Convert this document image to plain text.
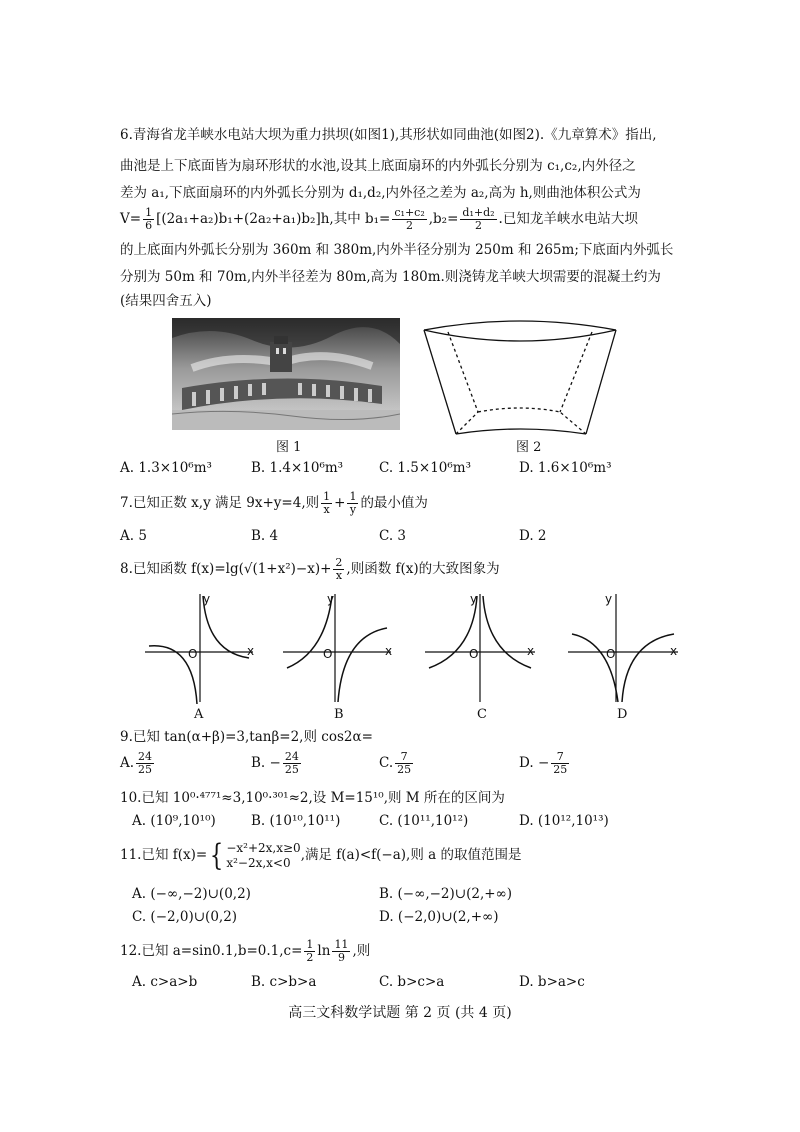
6.青海省龙羊峡水电站大坝为重力拱坝(如图1),其形状如同曲池(如图2).《九章算术》指出,
曲池是上下底面皆为扇环形状的水池,设其上底面扇环的内外弧长分别为 c₁,c₂,内外径之
差为 a₁,下底面扇环的内外弧长分别为 d₁,d₂,内外径之差为 a₂,高为 h,则曲池体积公式为
$V= \frac{1}{6} [(2a_1+a_2)b_1+(2a_2+a_1)b_2]h$,其中 $b_1= \frac{\text{c₁+c₂}}{2} ,b_2= \frac{\text{d₁+d₂}}{2}$ .已知龙羊峡水电站大坝
的上底面内外弧长分别为 360m 和 380m,内外半径分别为 250m 和 265m;下底面内外弧长
分别为 50m 和 70m,内外半径差为 80m,高为 180m.则浇铸龙羊峡大坝需要的混凝土约为
(结果四舍五入)
图 1	图 2
A. 1.3×10⁶m³	B. 1.4×10⁶m³	C. 1.5×10⁶m³	D. 1.6×10⁶m³
7.已知正数 x,y 满足 9x+y=4,则 $\frac{1}{x} + \frac{1}{y}$ 的最小值为
A. 5	B. 4	C. 3	D. 2
8.已知函数 $f(x)=\lg(√(1+x^2)-x)+ \frac{2}{x}$ ,则函数 f(x)的大致图象为
y
x
O
A
y
x
O
B
y
x
O
C
y
x
O
D
9.已知 tan(α+β)=3,tanβ=2,则 cos2α=
A. $\frac{24}{25}$	B. − $\frac{24}{25}$	C. $\frac{7}{25}$	D. − $\frac{7}{25}$
10.已知 10⁰·⁴⁷⁷¹≈3,10⁰·³⁰¹≈2,设 M=15¹⁰,则 M 所在的区间为
A. (10⁹,10¹⁰)	B. (10¹⁰,10¹¹)	C. (10¹¹,10¹²)	D. (10¹²,10¹³)
11.已知 f(x)={ −x²+2x,x≥0
x²−2x,x<0 ,满足 f(a)<f(−a),则 a 的取值范围是
A. (−∞,−2)∪(0,2)	B. (−∞,−2)∪(2,+∞)
C. (−2,0)∪(0,2)	D. (−2,0)∪(2,+∞)
12.已知 $a=\sin 0.1,b=0.1,c= \frac{1}{2}$ $\ln \frac{11}{9}$ ,则
A. c>a>b	B. c>b>a	C. b>c>a	D. b>a>c
高三文科数学试题 第 2 页 (共 4 页)
